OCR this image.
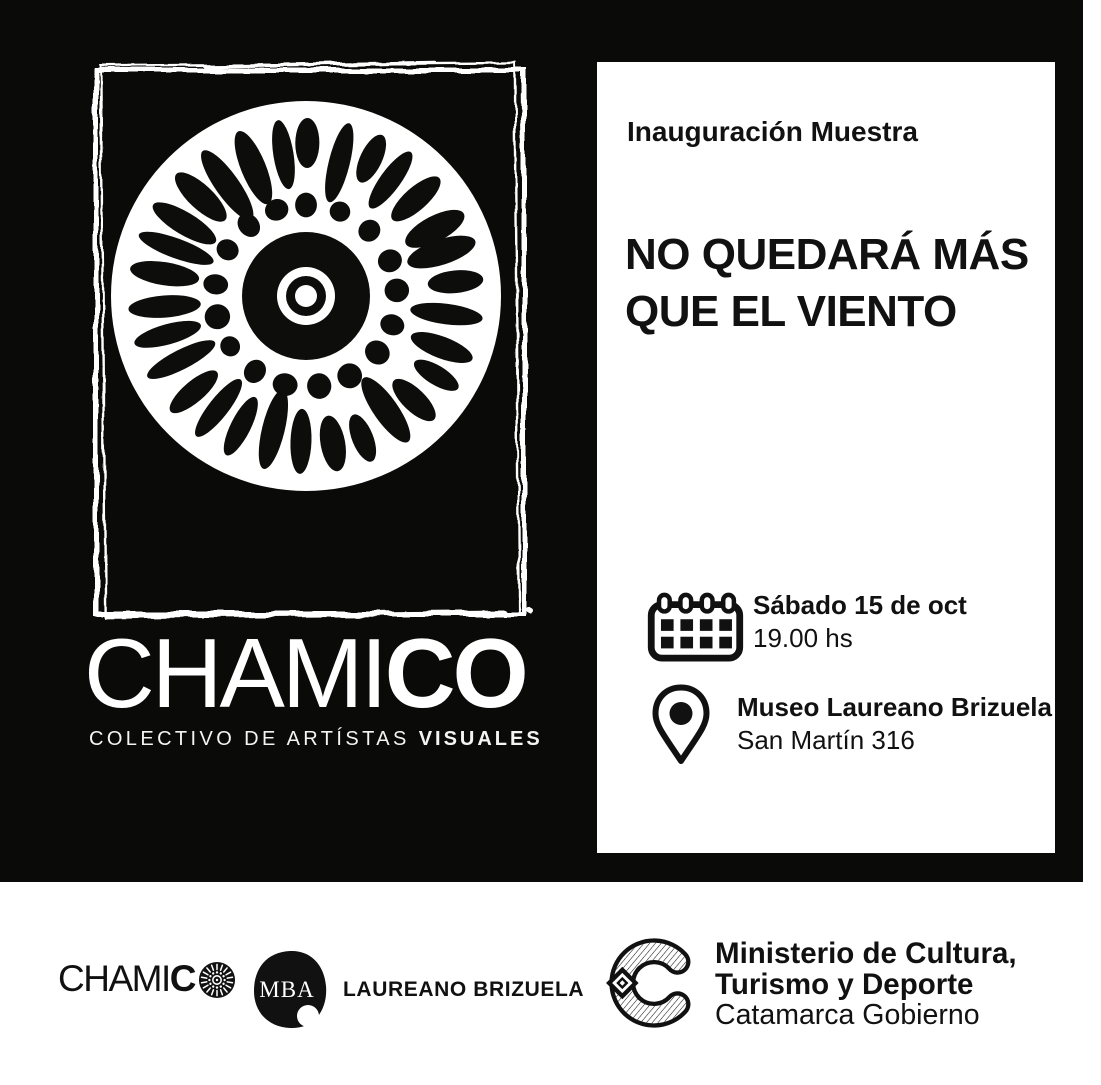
CHAMICO
COLECTIVO DE ARTÍSTAS VISUALES
Inauguración Muestra
NO QUEDARÁ MÁS
QUE EL VIENTO
Sábado 15 de oct
19.00 hs
Museo Laureano Brizuela
San Martín 316
CHAMIC	MBA LAUREANO BRIZUELA
Ministerio de Cultura,
Turismo y Deporte
Catamarca Gobierno
